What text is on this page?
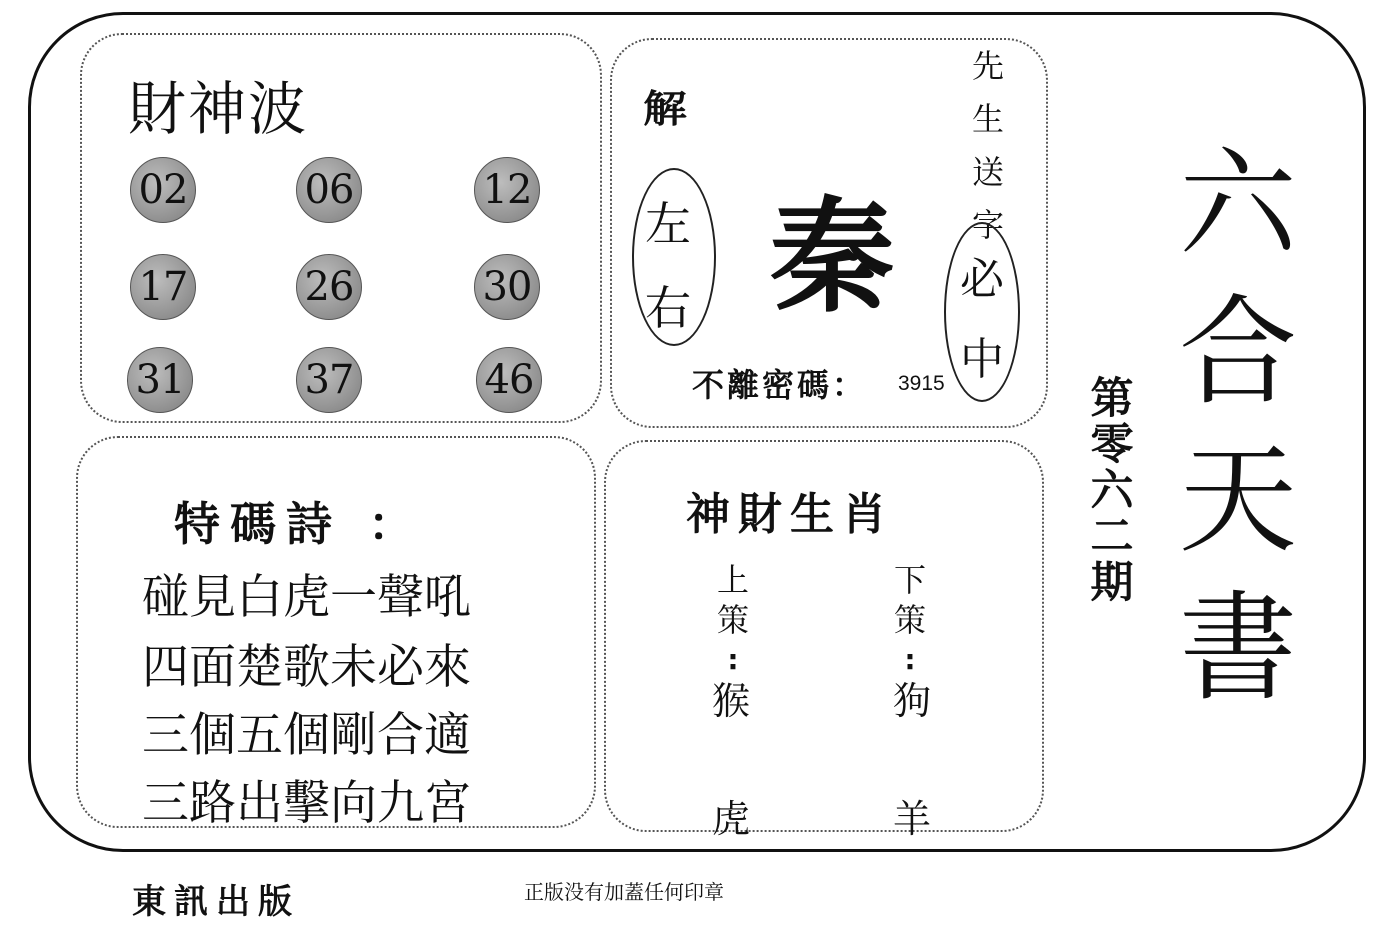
財神波
02	06	12
17	26	30
31	37	46
解
左
右 秦
先
生
送
字
必
中
不離密碼： 3915
特碼詩 ：
碰見白虎一聲吼
四面楚歌未必來
三個五個剛合適
三路出擊向九宮
神財生肖
上
策
:
猴
虎
下
策
:
狗
羊
第
零
六
二
期
六
合
天
書
東訊出版	正版没有加蓋任何印章
